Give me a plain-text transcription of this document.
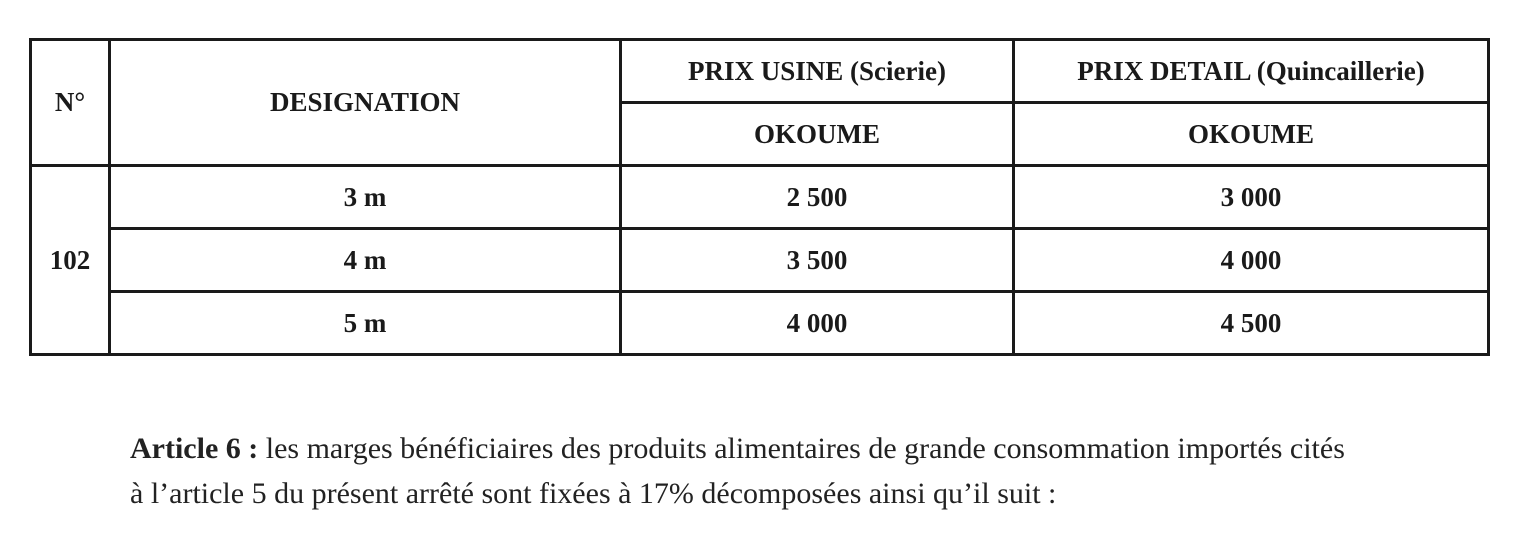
N°	DESIGNATION	PRIX USINE (Scierie)	PRIX DETAIL (Quincaillerie)
		OKOUME	OKOUME
102	3 m	2 500	3 000
	4 m	3 500	4 000
	5 m	4 000	4 500

Article 6 : les marges bénéficiaires des produits alimentaires de grande consommation importés cités à l’article 5 du présent arrêté sont fixées à 17% décomposées ainsi qu’il suit :
